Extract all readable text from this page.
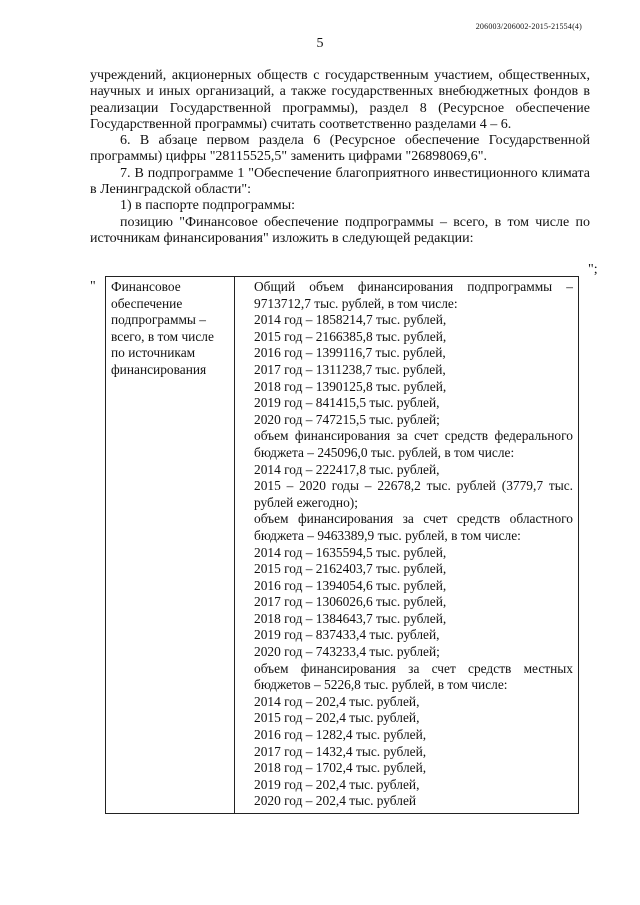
206003/206002-2015-21554(4)
5

учреждений, акционерных обществ с государственным участием, общественных, научных и иных организаций, а также государственных внебюджетных фондов в реализации Государственной программы), раздел 8 (Ресурсное обеспечение Государственной программы) считать соответственно разделами 4 – 6.

6. В абзаце первом раздела 6 (Ресурсное обеспечение Государственной программы) цифры "28115525,5" заменить цифрами "26898069,6".

7. В подпрограмме 1 "Обеспечение благоприятного инвестиционного климата в Ленинградской области":

1) в паспорте подпрограммы:

позицию "Финансовое обеспечение подпрограммы – всего, в том числе по источникам финансирования" изложить в следующей редакции:

" Финансовое обеспечение подпрограммы – всего, в том числе по источникам финансирования	
Общий объем финансирования подпрограммы – 9713712,7 тыс. рублей, в том числе:
2014 год – 1858214,7 тыс. рублей,
2015 год – 2166385,8 тыс. рублей,
2016 год – 1399116,7 тыс. рублей,
2017 год – 1311238,7 тыс. рублей,
2018 год – 1390125,8 тыс. рублей,
2019 год – 841415,5 тыс. рублей,
2020 год – 747215,5 тыс. рублей;
объем финансирования за счет средств федерального бюджета – 245096,0 тыс. рублей, в том числе:
2014 год – 222417,8 тыс. рублей,
2015 – 2020 годы – 22678,2 тыс. рублей (3779,7 тыс. рублей ежегодно);
объем финансирования за счет средств областного бюджета – 9463389,9 тыс. рублей, в том числе:
2014 год – 1635594,5 тыс. рублей,
2015 год – 2162403,7 тыс. рублей,
2016 год – 1394054,6 тыс. рублей,
2017 год – 1306026,6 тыс. рублей,
2018 год – 1384643,7 тыс. рублей,
2019 год – 837433,4 тыс. рублей,
2020 год – 743233,4 тыс. рублей;
объем финансирования за счет средств местных бюджетов – 5226,8 тыс. рублей, в том числе:
2014 год – 202,4 тыс. рублей,
2015 год – 202,4 тыс. рублей,
2016 год – 1282,4 тыс. рублей,
2017 год – 1432,4 тыс. рублей,
2018 год – 1702,4 тыс. рублей,
2019 год – 202,4 тыс. рублей,
2020 год – 202,4 тыс. рублей
";
